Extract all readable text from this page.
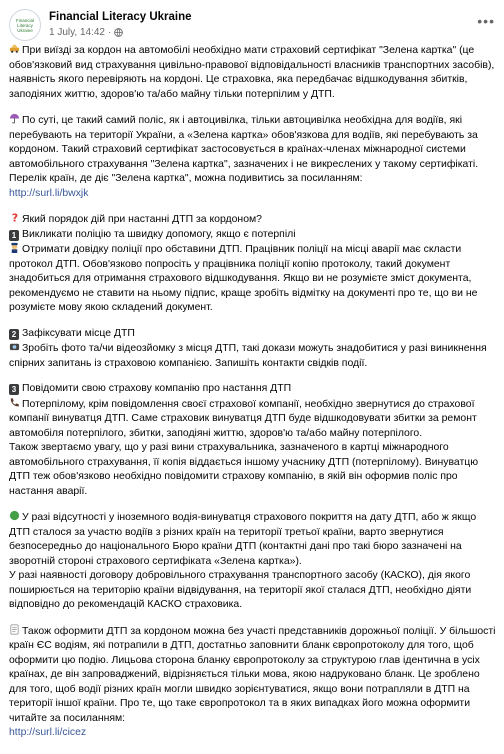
Financial Literacy Ukraine
Financial Literacy Ukraine
1 July, 14:42 ·
•••

При виїзді за кордон на автомобілі необхідно мати страховий сертифікат "Зелена картка" (це обов'язковий вид страхування цивільно-правової відповідальності власників транспортних засобів), наявність якого перевіряють на кордоні. Це страховка, яка передбачає відшкодування збитків, заподіяних життю, здоров'ю та/або майну тільки потерпілим у ДТП.

По суті, це такий самий поліс, як і автоцивілка, тільки автоцивілка необхідна для водіїв, які перебувають на території України, а «Зелена картка» обов'язкова для водіїв, які перебувають за кордоном. Такий страховий сертифікат застосовується в країнах-членах міжнародної системи автомобільного страхування "Зелена картка", зазначених і не викреслених у такому сертифікаті. Перелік країн, де діє "Зелена картка", можна подивитись за посиланням:
http://surl.li/bwxjk

? Який порядок дій при настанні ДТП за кордоном?
1 Викликати поліцію та швидку допомогу, якщо є потерпілі
Отримати довідку поліції про обставини ДТП. Працівник поліції на місці аварії має скласти протокол ДТП. Обов'язково попросіть у працівника поліції копію протоколу, такий документ знадобиться для отримання страхового відшкодування. Якщо ви не розумієте зміст документа, рекомендуємо не ставити на ньому підпис, краще зробіть відмітку на документі про те, що ви не розумієте мову якою складений документ.

2 Зафіксувати місце ДТП
Зробіть фото та/чи відеозйомку з місця ДТП, такі докази можуть знадобитися у разі виникнення спірних запитань із страховою компанією. Запишіть контакти свідків події.

3 Повідомити свою страхову компанію про настання ДТП
Потерпілому, крім повідомлення своєї страхової компанії, необхідно звернутися до страхової компанії винуватця ДТП. Саме страховик винуватця ДТП буде відшкодовувати збитки за ремонт автомобіля потерпілого, збитки, заподіяні життю, здоров'ю та/або майну потерпілого.
Також звертаємо увагу, що у разі вини страхувальника, зазначеного в картці міжнародного автомобільного страхування, її копія віддається іншому учаснику ДТП (потерпілому). Винуватцю ДТП теж обов'язково необхідно повідомити страхову компанію, в якій він оформив поліс про настання аварії.

У разі відсутності у іноземного водія-винуватця страхового покриття на дату ДТП, або ж якщо ДТП сталося за участю водіїв з різних країн на території третьої країни, варто звернутися безпосередньо до національного Бюро країни ДТП (контактні дані про такі бюро зазначені на зворотній стороні страхового сертифіката «Зелена картка»).
У разі наявності договору добровільного страхування транспортного засобу (КАСКО), дія якого поширюється на територію країни відвідування, на території якої сталася ДТП, необхідно діяти відповідно до рекомендацій КАСКО страховика.

Також оформити ДТП за кордоном можна без участі представників дорожньої поліції. У більшості країн ЄС водіям, які потрапили в ДТП, достатньо заповнити бланк європротоколу для того, щоб оформити цю подію. Лицьова сторона бланку європротоколу за структурою глав ідентична в усіх країнах, де він запроваджений, відрізняється тільки мова, якою надруковано бланк. Це зроблено для того, щоб водії різних країн могли швидко зорієнтуватися, якщо вони потрапляли в ДТП на території іншої країни. Про те, що таке європротокол та в яких випадках його можна оформити читайте за посиланням:
http://surl.li/cicez
